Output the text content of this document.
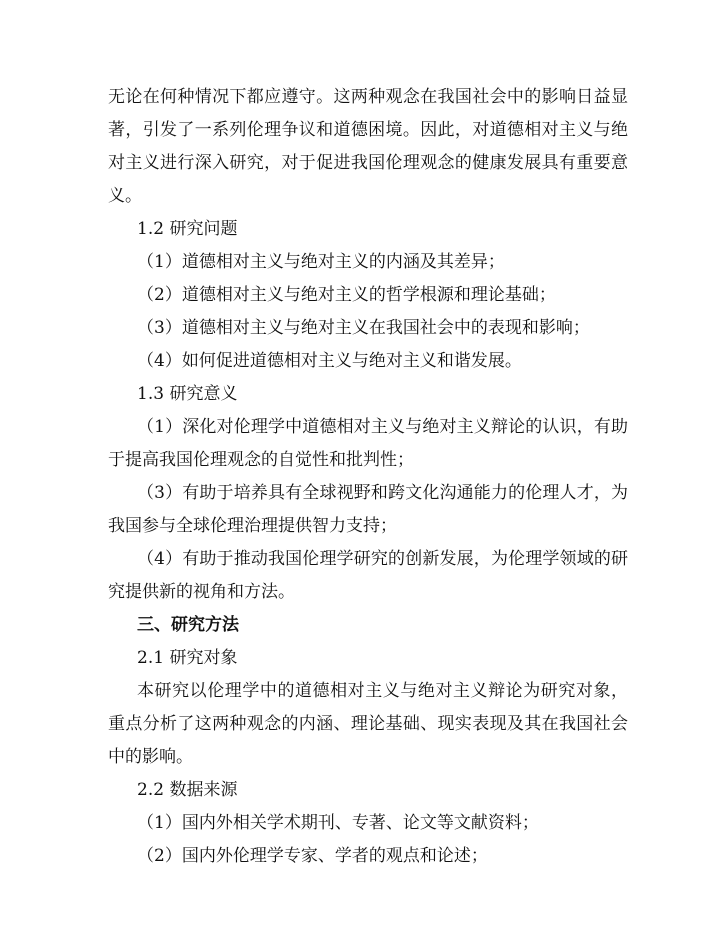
无论在何种情况下都应遵守。这两种观念在我国社会中的影响日益显
著，引发了一系列伦理争议和道德困境。因此，对道德相对主义与绝
对主义进行深入研究，对于促进我国伦理观念的健康发展具有重要意
义。
1.2 研究问题
（1）道德相对主义与绝对主义的内涵及其差异；
（2）道德相对主义与绝对主义的哲学根源和理论基础；
（3）道德相对主义与绝对主义在我国社会中的表现和影响；
（4）如何促进道德相对主义与绝对主义和谐发展。
1.3 研究意义
（1）深化对伦理学中道德相对主义与绝对主义辩论的认识，有助
于提高我国伦理观念的自觉性和批判性；
（3）有助于培养具有全球视野和跨文化沟通能力的伦理人才，为
我国参与全球伦理治理提供智力支持；
（4）有助于推动我国伦理学研究的创新发展，为伦理学领域的研
究提供新的视角和方法。
三、研究方法
2.1 研究对象
本研究以伦理学中的道德相对主义与绝对主义辩论为研究对象，
重点分析了这两种观念的内涵、理论基础、现实表现及其在我国社会
中的影响。
2.2 数据来源
（1）国内外相关学术期刊、专著、论文等文献资料；
（2）国内外伦理学专家、学者的观点和论述；
